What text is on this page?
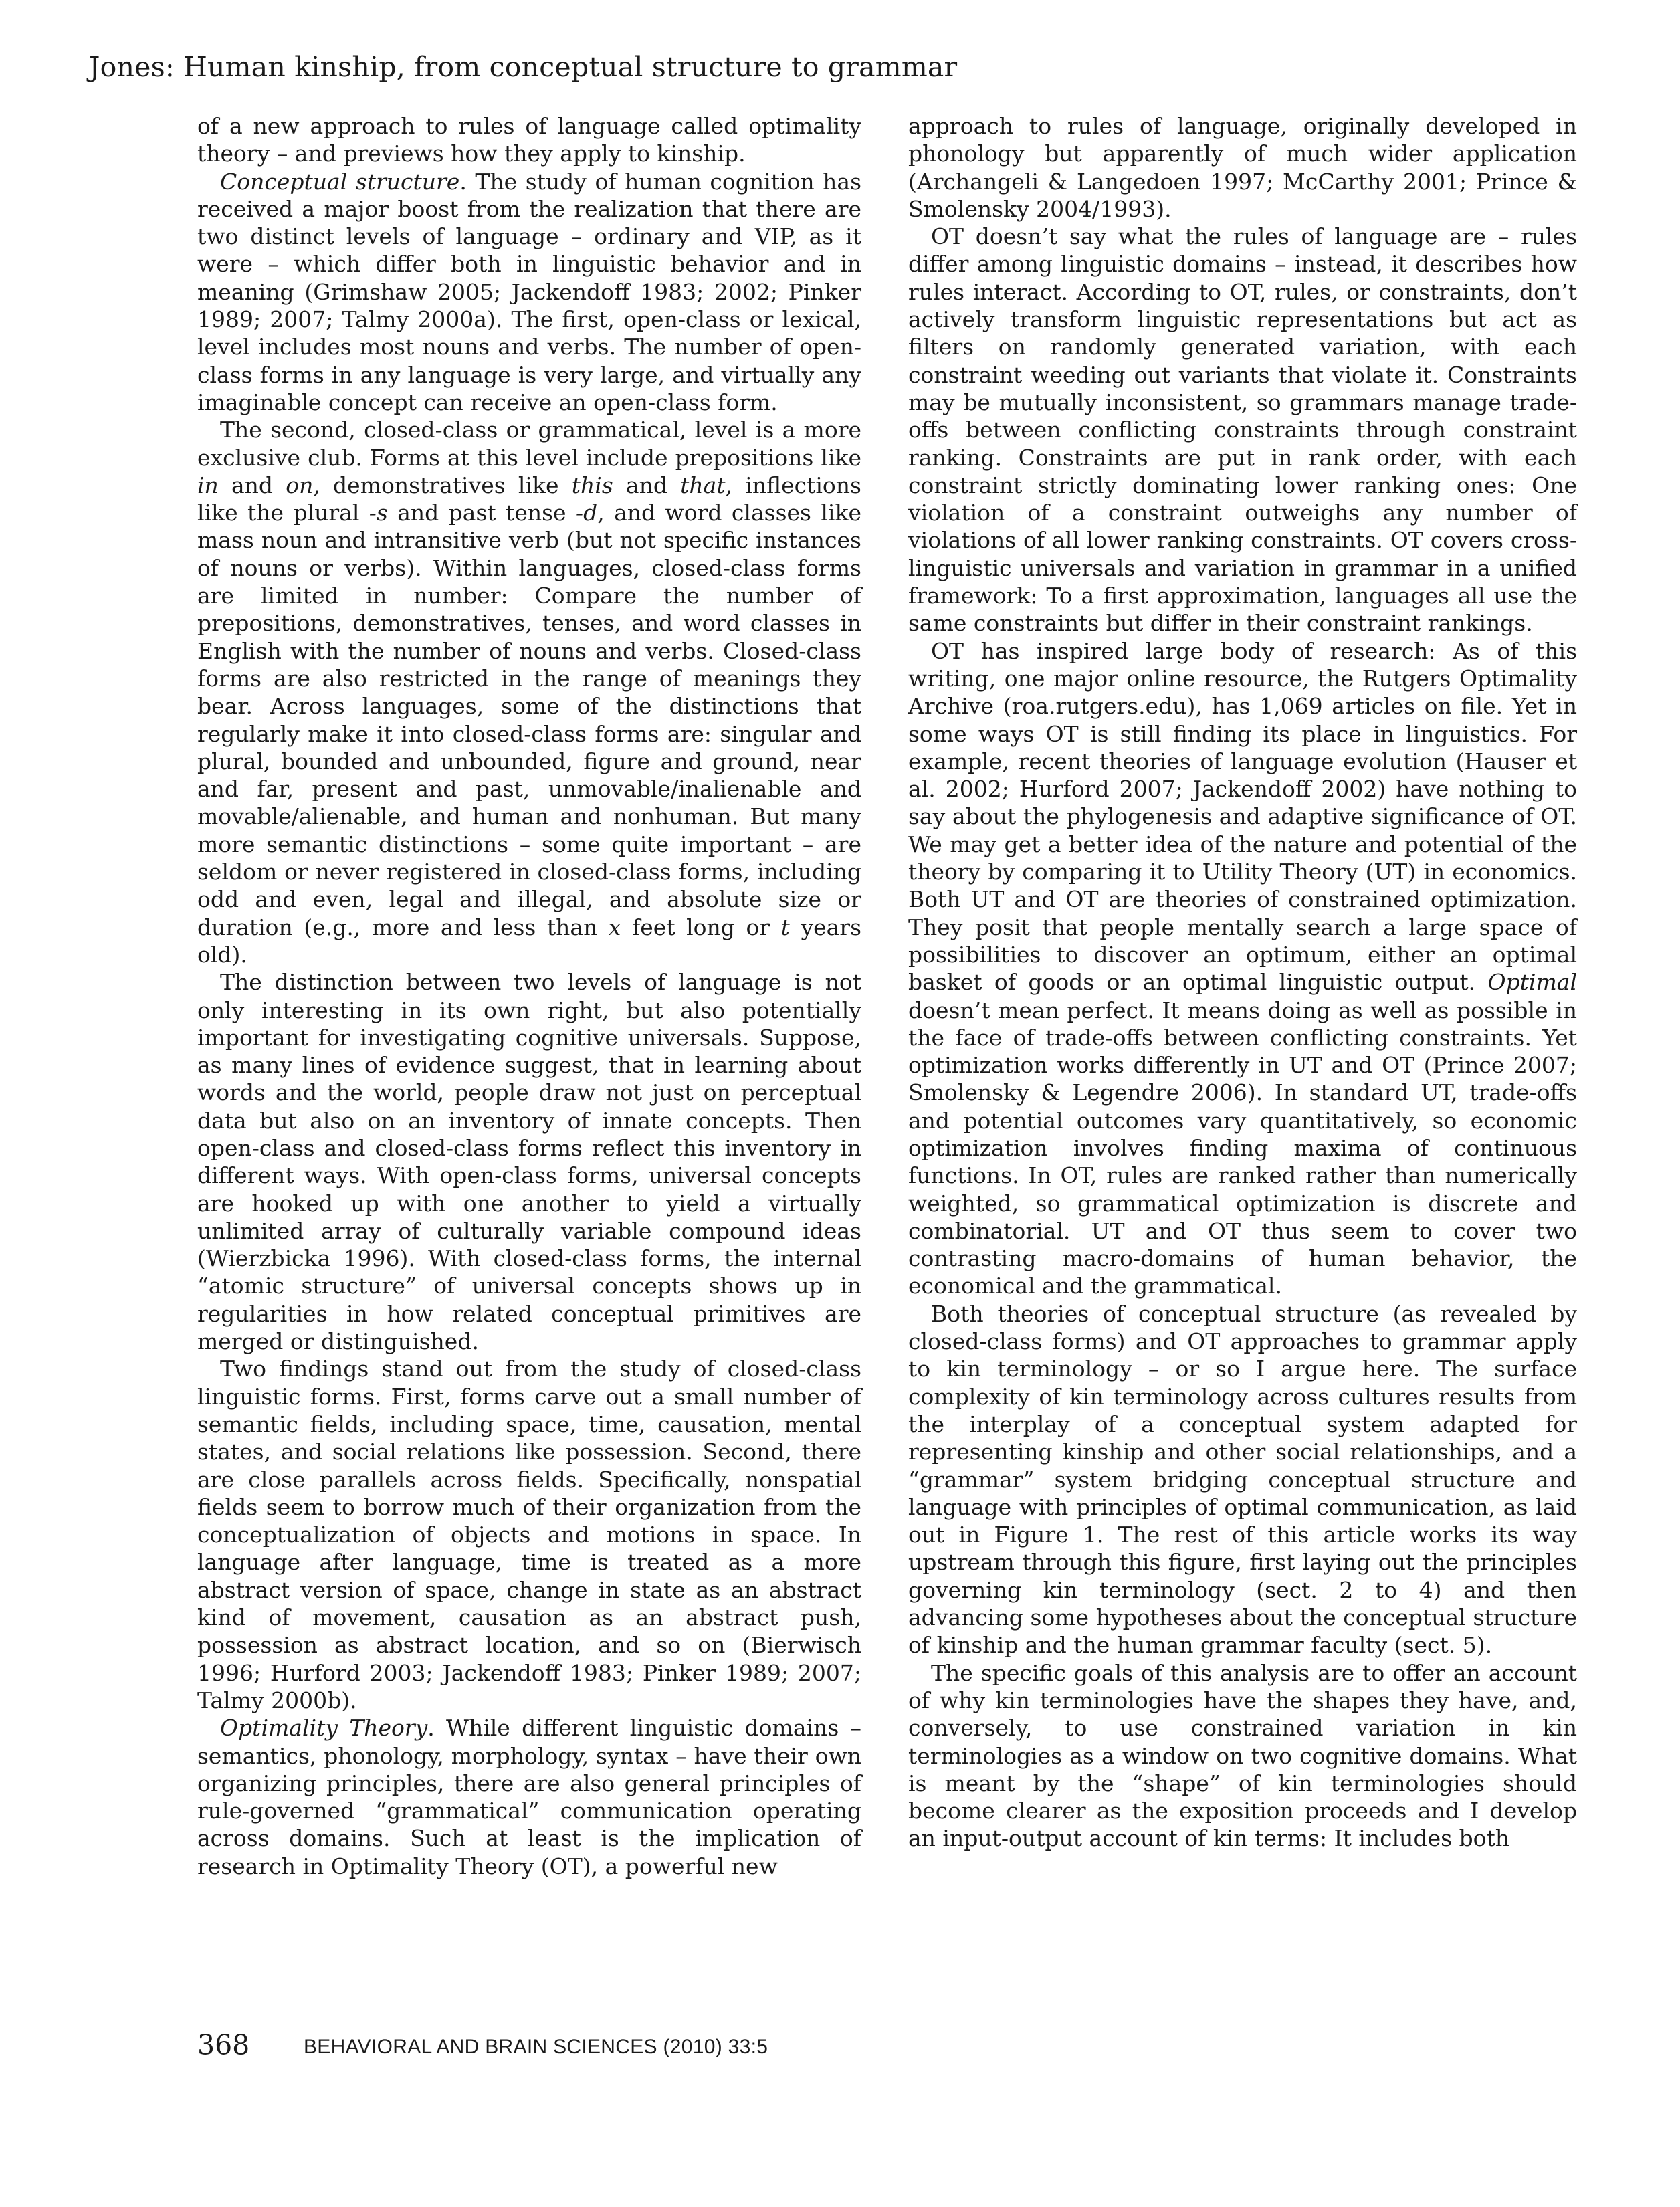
Jones: Human kinship, from conceptual structure to grammar

of a new approach to rules of language called optimality theory – and previews how they apply to kinship.

Conceptual structure. The study of human cognition has received a major boost from the realization that there are two distinct levels of language – ordinary and VIP, as it were – which differ both in linguistic behavior and in meaning (Grimshaw 2005; Jackendoff 1983; 2002; Pinker 1989; 2007; Talmy 2000a). The first, open-class or lexical, level includes most nouns and verbs. The number of open-class forms in any language is very large, and virtually any imaginable concept can receive an open-class form.

The second, closed-class or grammatical, level is a more exclusive club. Forms at this level include prepositions like in and on, demonstratives like this and that, inflections like the plural -s and past tense -d, and word classes like mass noun and intransitive verb (but not specific instances of nouns or verbs). Within languages, closed-class forms are limited in number: Compare the number of prepositions, demonstratives, tenses, and word classes in English with the number of nouns and verbs. Closed-class forms are also restricted in the range of meanings they bear. Across languages, some of the distinctions that regularly make it into closed-class forms are: singular and plural, bounded and unbounded, figure and ground, near and far, present and past, unmovable/inalienable and movable/alienable, and human and nonhuman. But many more semantic distinctions – some quite important – are seldom or never registered in closed-class forms, including odd and even, legal and illegal, and absolute size or duration (e.g., more and less than x feet long or t years old).

The distinction between two levels of language is not only interesting in its own right, but also potentially important for investigating cognitive universals. Suppose, as many lines of evidence suggest, that in learning about words and the world, people draw not just on perceptual data but also on an inventory of innate concepts. Then open-class and closed-class forms reflect this inventory in different ways. With open-class forms, universal concepts are hooked up with one another to yield a virtually unlimited array of culturally variable compound ideas (Wierzbicka 1996). With closed-class forms, the internal “atomic structure” of universal concepts shows up in regularities in how related conceptual primitives are merged or distinguished.

Two findings stand out from the study of closed-class linguistic forms. First, forms carve out a small number of semantic fields, including space, time, causation, mental states, and social relations like possession. Second, there are close parallels across fields. Specifically, nonspatial fields seem to borrow much of their organization from the conceptualization of objects and motions in space. In language after language, time is treated as a more abstract version of space, change in state as an abstract kind of movement, causation as an abstract push, possession as abstract location, and so on (Bierwisch 1996; Hurford 2003; Jackendoff 1983; Pinker 1989; 2007; Talmy 2000b).

Optimality Theory. While different linguistic domains – semantics, phonology, morphology, syntax – have their own organizing principles, there are also general principles of rule-governed “grammatical” communication operating across domains. Such at least is the implication of research in Optimality Theory (OT), a powerful new

approach to rules of language, originally developed in phonology but apparently of much wider application (Archangeli & Langedoen 1997; McCarthy 2001; Prince & Smolensky 2004/1993).

OT doesn’t say what the rules of language are – rules differ among linguistic domains – instead, it describes how rules interact. According to OT, rules, or constraints, don’t actively transform linguistic representations but act as filters on randomly generated variation, with each constraint weeding out variants that violate it. Constraints may be mutually inconsistent, so grammars manage trade-offs between conflicting constraints through constraint ranking. Constraints are put in rank order, with each constraint strictly dominating lower ranking ones: One violation of a constraint outweighs any number of violations of all lower ranking constraints. OT covers cross-linguistic universals and variation in grammar in a unified framework: To a first approximation, languages all use the same constraints but differ in their constraint rankings.

OT has inspired large body of research: As of this writing, one major online resource, the Rutgers Optimality Archive (roa.rutgers.edu), has 1,069 articles on file. Yet in some ways OT is still finding its place in linguistics. For example, recent theories of language evolution (Hauser et al. 2002; Hurford 2007; Jackendoff 2002) have nothing to say about the phylogenesis and adaptive significance of OT. We may get a better idea of the nature and potential of the theory by comparing it to Utility Theory (UT) in economics. Both UT and OT are theories of constrained optimization. They posit that people mentally search a large space of possibilities to discover an optimum, either an optimal basket of goods or an optimal linguistic output. Optimal doesn’t mean perfect. It means doing as well as possible in the face of trade-offs between conflicting constraints. Yet optimization works differently in UT and OT (Prince 2007; Smolensky & Legendre 2006). In standard UT, trade-offs and potential outcomes vary quantitatively, so economic optimization involves finding maxima of continuous functions. In OT, rules are ranked rather than numerically weighted, so grammatical optimization is discrete and combinatorial. UT and OT thus seem to cover two contrasting macro-domains of human behavior, the economical and the grammatical.

Both theories of conceptual structure (as revealed by closed-class forms) and OT approaches to grammar apply to kin terminology – or so I argue here. The surface complexity of kin terminology across cultures results from the interplay of a conceptual system adapted for representing kinship and other social relationships, and a “grammar” system bridging conceptual structure and language with principles of optimal communication, as laid out in Figure 1. The rest of this article works its way upstream through this figure, first laying out the principles governing kin terminology (sect. 2 to 4) and then advancing some hypotheses about the conceptual structure of kinship and the human grammar faculty (sect. 5).

The specific goals of this analysis are to offer an account of why kin terminologies have the shapes they have, and, conversely, to use constrained variation in kin terminologies as a window on two cognitive domains. What is meant by the “shape” of kin terminologies should become clearer as the exposition proceeds and I develop an input-output account of kin terms: It includes both

368	BEHAVIORAL AND BRAIN SCIENCES (2010) 33:5
